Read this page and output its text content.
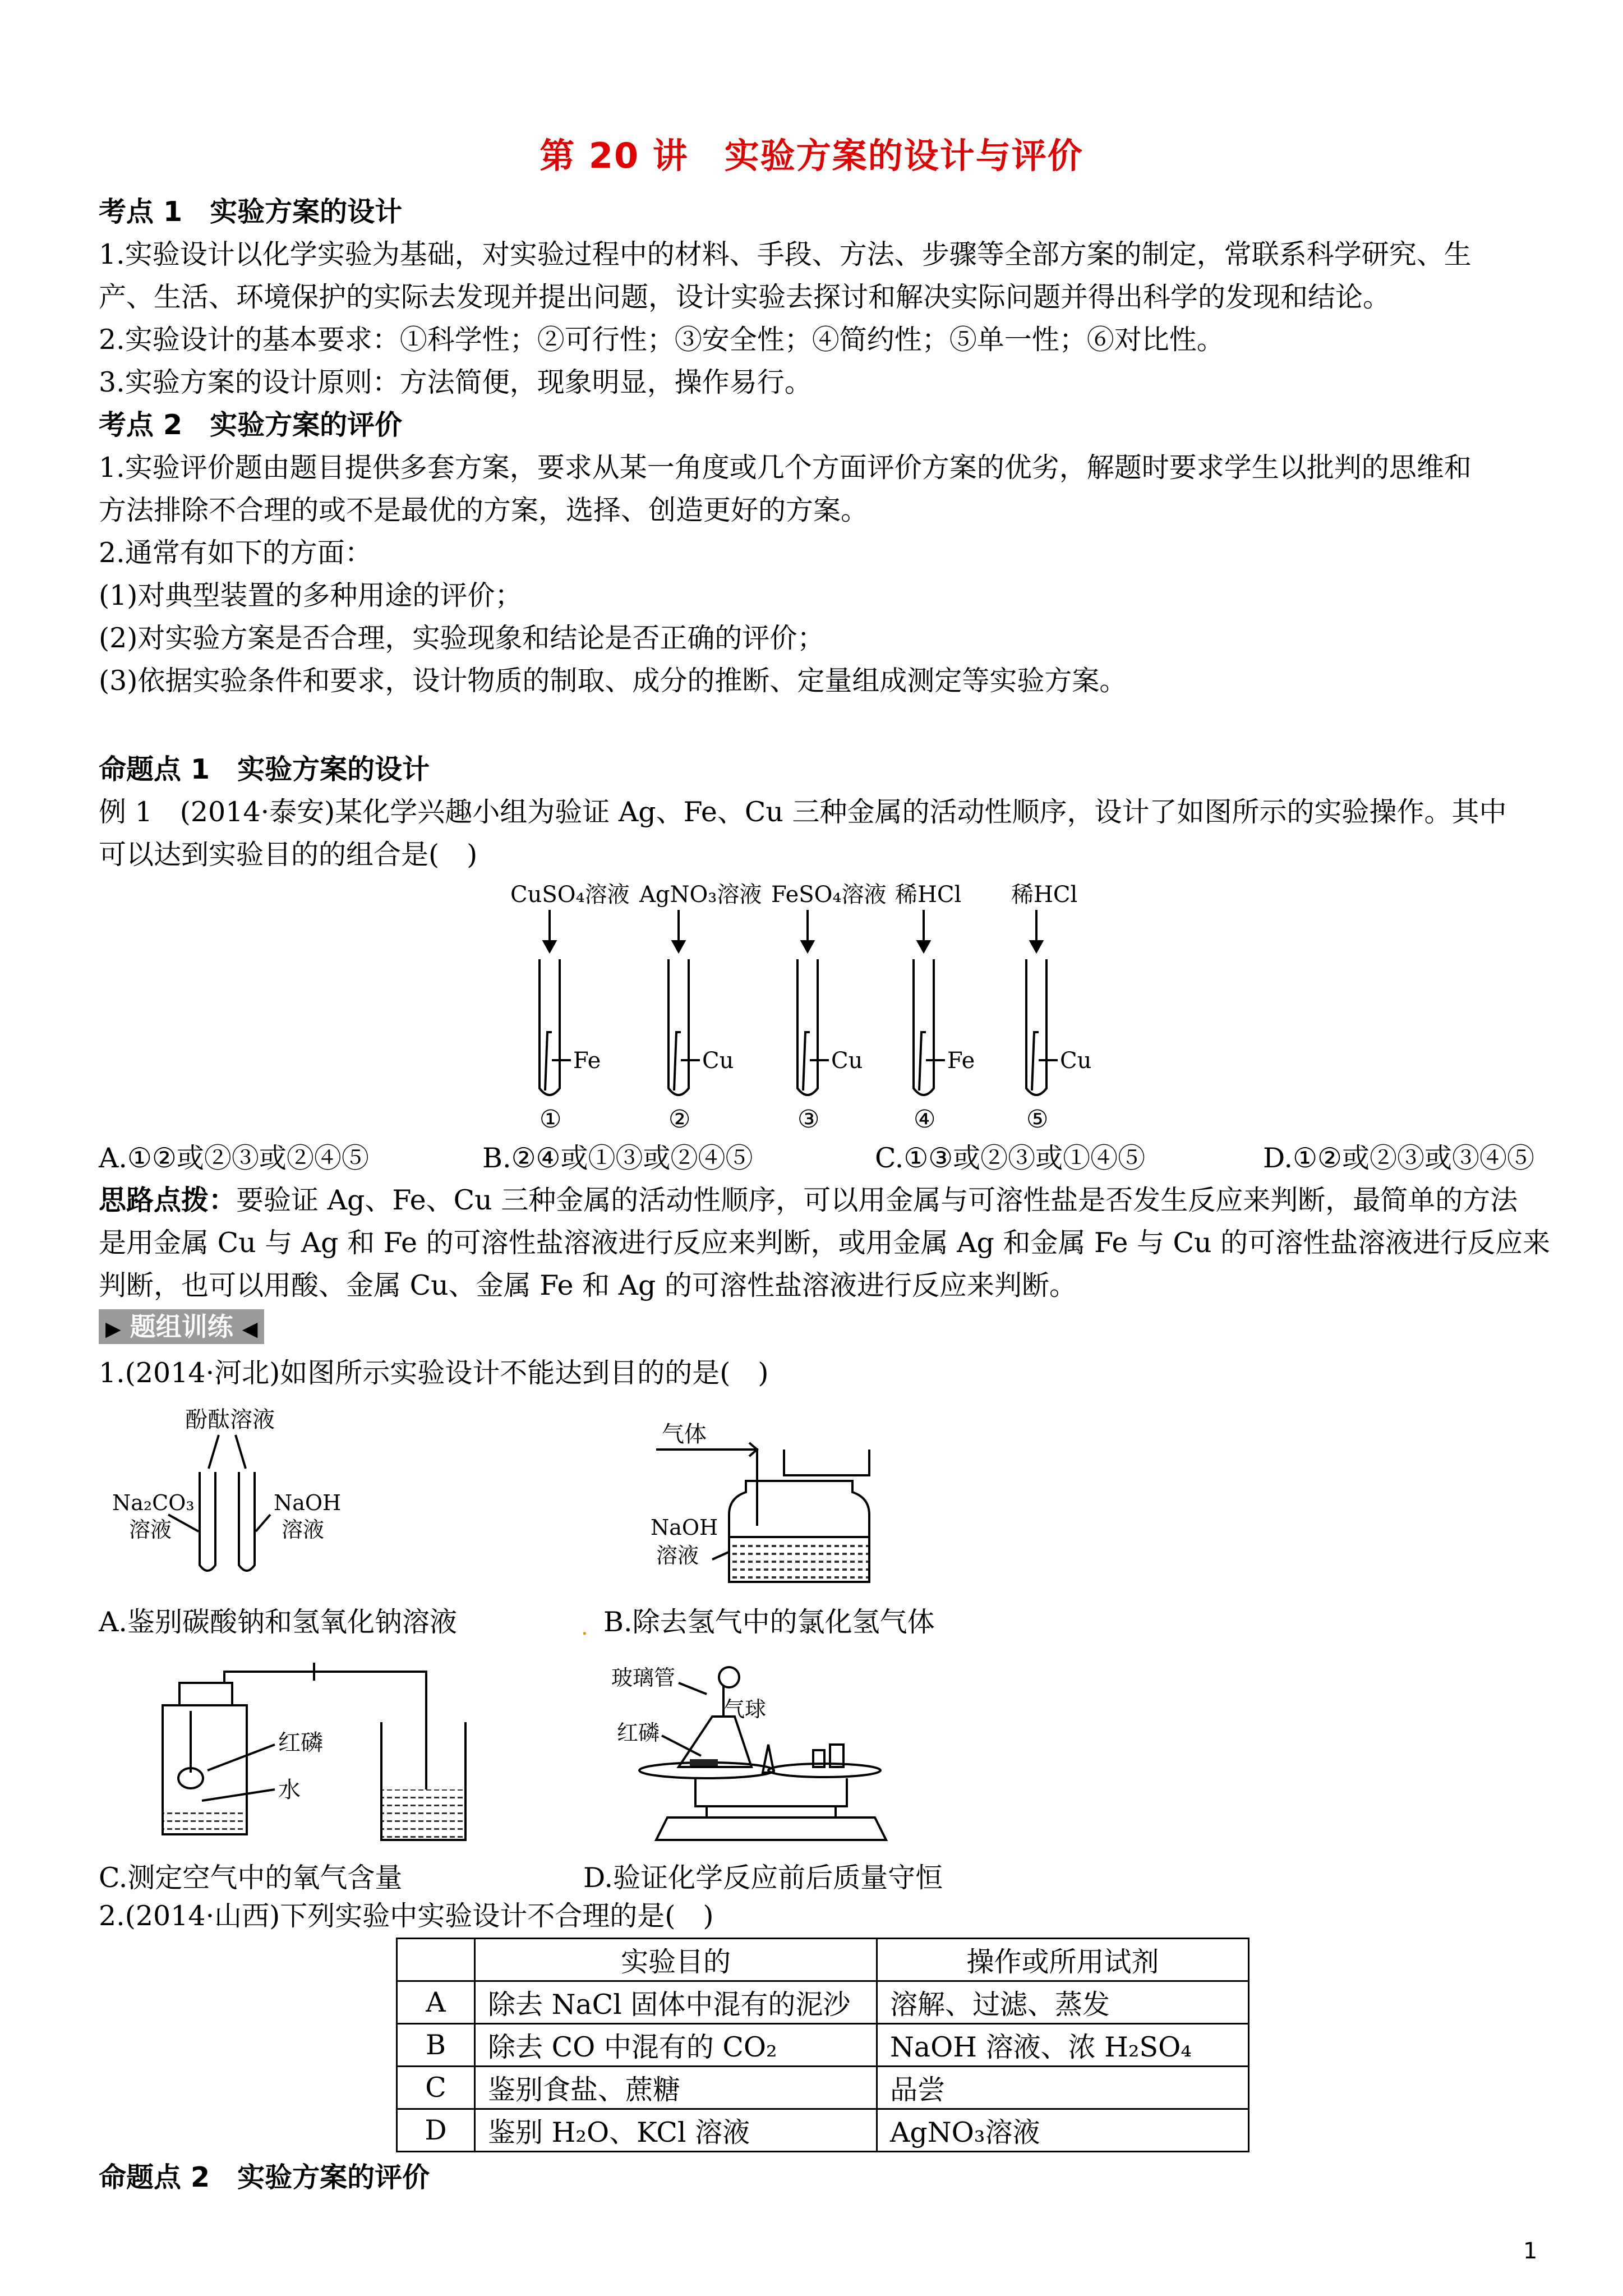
第 20 讲　实验方案的设计与评价
考点 1　实验方案的设计
1.实验设计以化学实验为基础，对实验过程中的材料、手段、方法、步骤等全部方案的制定，常联系科学研究、生
产、生活、环境保护的实际去发现并提出问题，设计实验去探讨和解决实际问题并得出科学的发现和结论。
2.实验设计的基本要求：①科学性；②可行性；③安全性；④简约性；⑤单一性；⑥对比性。
3.实验方案的设计原则：方法简便，现象明显，操作易行。
考点 2　实验方案的评价
1.实验评价题由题目提供多套方案，要求从某一角度或几个方面评价方案的优劣，解题时要求学生以批判的思维和
方法排除不合理的或不是最优的方案，选择、创造更好的方案。
2.通常有如下的方面：
(1)对典型装置的多种用途的评价；
(2)对实验方案是否合理，实验现象和结论是否正确的评价；
(3)依据实验条件和要求，设计物质的制取、成分的推断、定量组成测定等实验方案。
命题点 1　实验方案的设计
例 1　(2014·泰安)某化学兴趣小组为验证 Ag、Fe、Cu 三种金属的活动性顺序，设计了如图所示的实验操作。其中
可以达到实验目的的组合是(　)
CuSO₄溶液 AgNO₃溶液 FeSO₄溶液 稀HCl 稀HCl
Fe	Cu	Cu	Fe	Cu
①	②	③	④	⑤
A.①②或②③或②④⑤	B.②④或①③或②④⑤	C.①③或②③或①④⑤	D.①②或②③或③④⑤
思路点拨：要验证 Ag、Fe、Cu 三种金属的活动性顺序，可以用金属与可溶性盐是否发生反应来判断，最简单的方法
是用金属 Cu 与 Ag 和 Fe 的可溶性盐溶液进行反应来判断，或用金属 Ag 和金属 Fe 与 Cu 的可溶性盐溶液进行反应来
判断，也可以用酸、金属 Cu、金属 Fe 和 Ag 的可溶性盐溶液进行反应来判断。
▶ 题组训练 ◀
1.(2014·河北)如图所示实验设计不能达到目的的是(　)
酚酞溶液
Na₂CO₃
溶液
NaOH
溶液
气体
NaOH
溶液
A.鉴别碳酸钠和氢氧化钠溶液	· B.除去氢气中的氯化氢气体
红磷
水
玻璃管
气球
红磷
C.测定空气中的氧气含量	D.验证化学反应前后质量守恒
2.(2014·山西)下列实验中实验设计不合理的是(　)
	实验目的	操作或所用试剂
A	除去 NaCl 固体中混有的泥沙	溶解、过滤、蒸发
B	除去 CO 中混有的 CO₂	NaOH 溶液、浓 H₂SO₄
C	鉴别食盐、蔗糖	品尝
D	鉴别 H₂O、KCl 溶液	AgNO₃溶液
命题点 2　实验方案的评价
1
